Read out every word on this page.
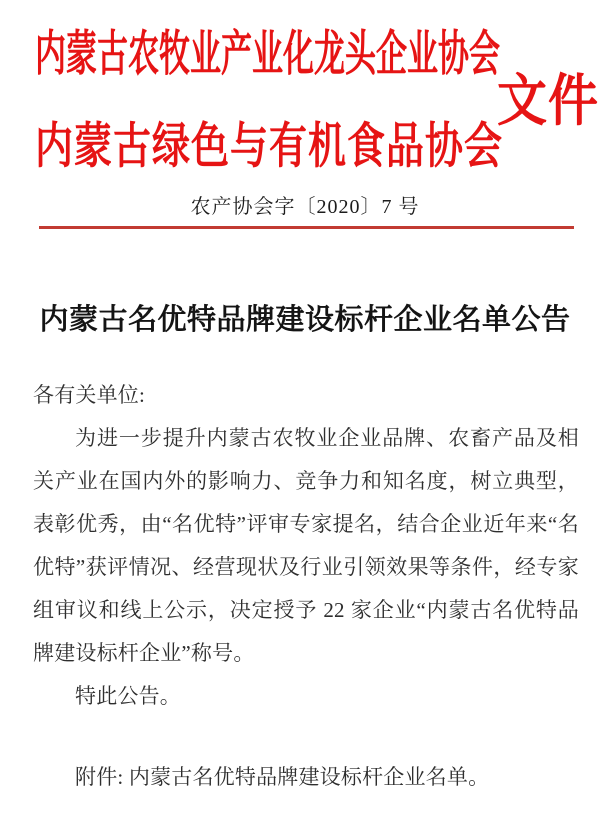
内蒙古农牧业产业化龙头企业协会
内蒙古绿色与有机食品协会
文件
农产协会字〔2020〕7 号
内蒙古名优特品牌建设标杆企业名单公告
各有关单位:

为进一步提升内蒙古农牧业企业品牌、农畜产品及相关产业在国内外的影响力、竞争力和知名度，树立典型，表彰优秀，由“名优特”评审专家提名，结合企业近年来“名优特”获评情况、经营现状及行业引领效果等条件，经专家组审议和线上公示，决定授予 22 家企业“内蒙古名优特品牌建设标杆企业”称号。

特此公告。
附件: 内蒙古名优特品牌建设标杆企业名单。
